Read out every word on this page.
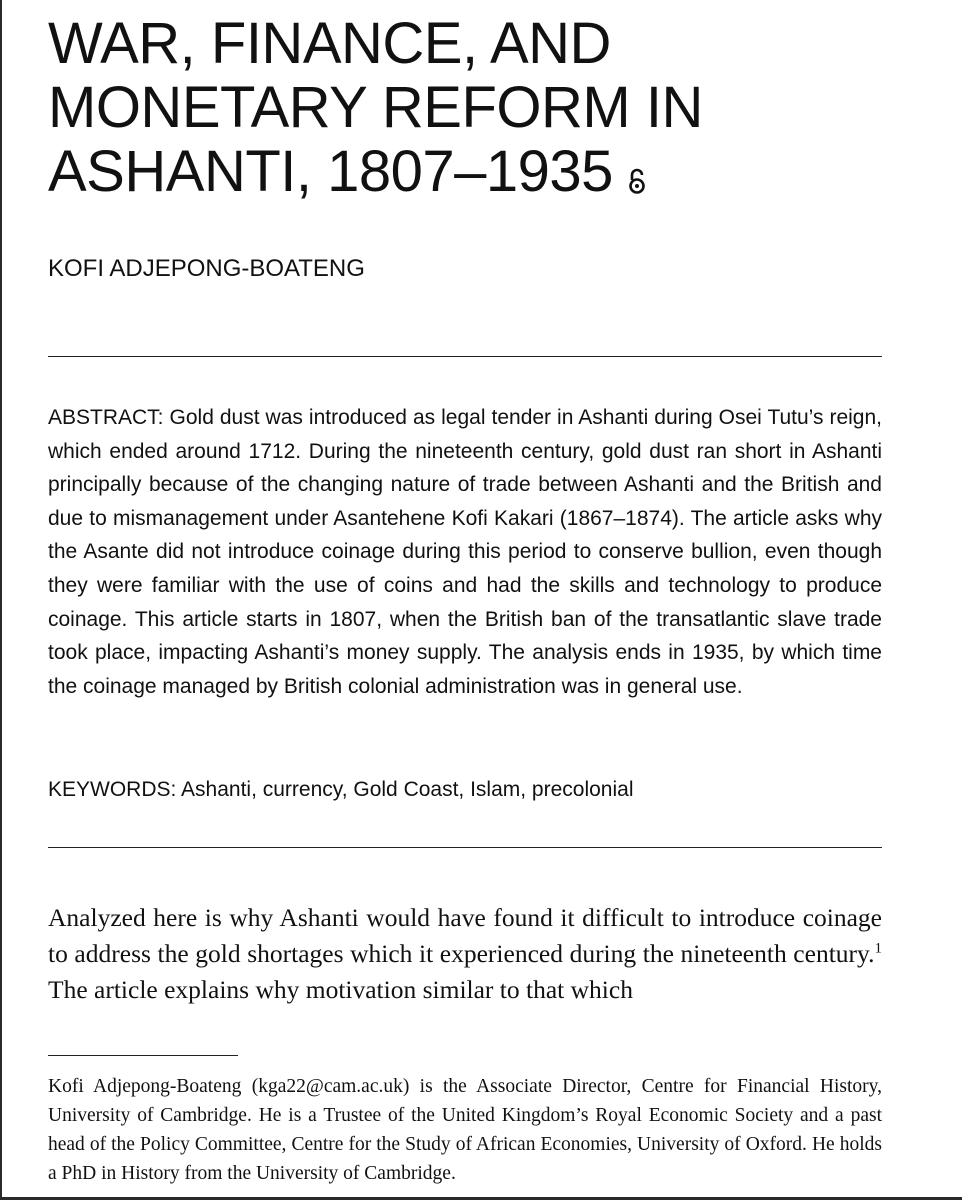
WAR, FINANCE, AND
MONETARY REFORM IN
ASHANTI, 1807–1935
KOFI ADJEPONG-BOATENG

ABSTRACT: Gold dust was introduced as legal tender in Ashanti during Osei Tutu’s reign, which ended around 1712. During the nineteenth century, gold dust ran short in Ashanti principally because of the changing nature of trade between Ashanti and the British and due to mismanagement under Asantehene Kofi Kakari (1867–1874). The article asks why the Asante did not introduce coinage during this period to conserve bullion, even though they were familiar with the use of coins and had the skills and technology to produce coinage. This article starts in 1807, when the British ban of the transatlantic slave trade took place, impacting Ashanti’s money supply. The analysis ends in 1935, by which time the coinage managed by British colonial administration was in general use.

KEYWORDS: Ashanti, currency, Gold Coast, Islam, precolonial

Analyzed here is why Ashanti would have found it difficult to introduce coinage to address the gold shortages which it experienced during the nineteenth century.$^1$ The article explains why motivation similar to that which

Kofi Adjepong-Boateng (kga22@cam.ac.uk) is the Associate Director, Centre for Financial History, University of Cambridge. He is a Trustee of the United Kingdom’s Royal Economic Society and a past head of the Policy Committee, Centre for the Study of African Economies, University of Oxford. He holds a PhD in History from the University of Cambridge.
